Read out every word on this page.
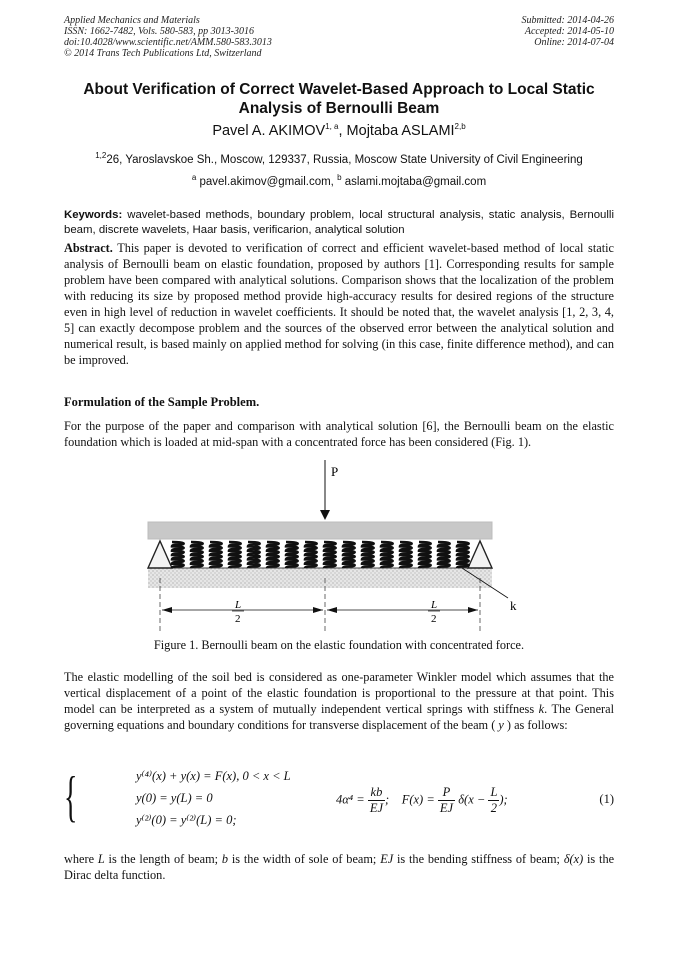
Applied Mechanics and Materials
ISSN: 1662-7482, Vols. 580-583, pp 3013-3016
doi:10.4028/www.scientific.net/AMM.580-583.3013
© 2014 Trans Tech Publications Ltd, Switzerland
Submitted: 2014-04-26
Accepted: 2014-05-10
Online: 2014-07-04
About Verification of Correct Wavelet-Based Approach to Local Static Analysis of Bernoulli Beam
Pavel A. AKIMOV$^{1, a}$, Mojtaba ASLAMI$^{2,b}$
$^{1,2}$26, Yaroslavskoe Sh., Moscow, 129337, Russia, Moscow State University of Civil Engineering
$^a$ pavel.akimov@gmail.com, $^b$ aslami.mojtaba@gmail.com
Keywords: wavelet-based methods, boundary problem, local structural analysis, static analysis, Bernoulli beam, discrete wavelets, Haar basis, verificarion, analytical solution
Abstract. This paper is devoted to verification of correct and efficient wavelet-based method of local static analysis of Bernoulli beam on elastic foundation, proposed by authors [1]. Corresponding results for sample problem have been compared with analytical solutions. Comparison shows that the localization of the problem with reducing its size by proposed method provide high-accuracy results for desired regions of the structure even in high level of reduction in wavelet coefficients. It should be noted that, the wavelet analysis [1, 2, 3, 4, 5] can exactly decompose problem and the sources of the observed error between the analytical solution and numerical result, is based mainly on applied method for solving (in this case, finite difference method), and can be improved.
Formulation of the Sample Problem.
For the purpose of the paper and comparison with analytical solution [6], the Bernoulli beam on the elastic foundation which is loaded at mid-span with a concentrated force has been considered (Fig. 1).
P
k
L
2
L
2
Figure 1. Bernoulli beam on the elastic foundation with concentrated force.
The elastic modelling of the soil bed is considered as one-parameter Winkler model which assumes that the vertical displacement of a point of the elastic foundation is proportional to the pressure at that point. This model can be interpreted as a system of mutually independent vertical springs with stiffness k. The General governing equations and boundary conditions for transverse displacement of the beam ( y ) as follows:
{	y⁽⁴⁾(x) + y(x) = F(x), 0 < x < L
y(0) = y(L) = 0
y⁽²⁾(0) = y⁽²⁾(L) = 0;
$4\alpha^4 = \frac{kb}{EJ}$ ; $F(x) = \frac{P}{EJ} \delta(x - \frac{L}{2}$ );	(1)
where L is the length of beam; b is the width of sole of beam; EJ is the bending stiffness of beam; δ(x) is the Dirac delta function.
